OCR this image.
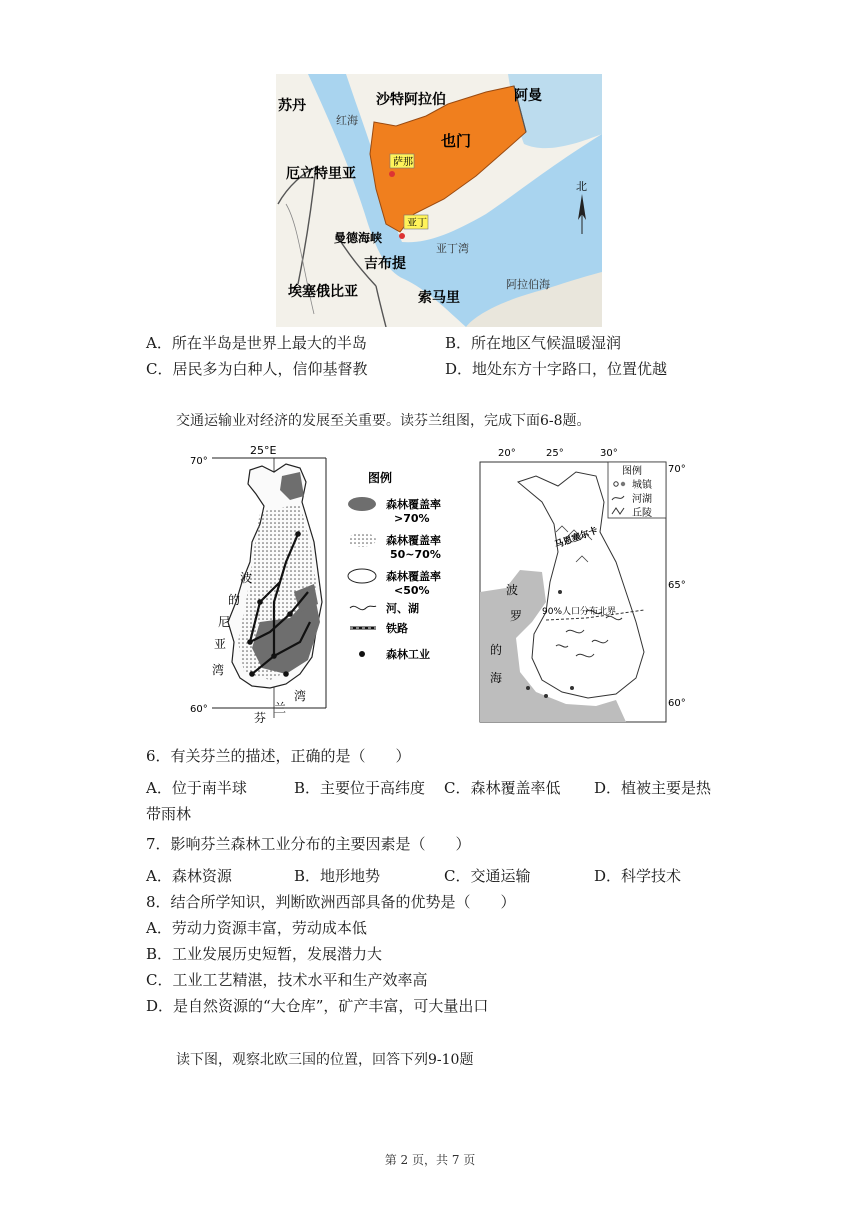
苏丹	沙特阿拉伯	阿曼
红海
也门
萨那
厄立特里亚
北
亚丁
曼德海峡
亚丁湾
吉布提
埃塞俄比亚	索马里
阿拉伯海
A．所在半岛是世界上最大的半岛	B．所在地区气候温暖湿润
C．居民多为白种人，信仰基督教	D．地处东方十字路口，位置优越
交通运输业对经济的发展至关重要。读芬兰组图，完成下面6-8题。
25°E
70°
60°
波
的
尼
亚
湾
芬
兰
湾
图例
森林覆盖率
>70%
森林覆盖率
50~70%
森林覆盖率
<50%
河、湖
铁路
森林工业
图例
城镇
河湖
丘陵
20°	25°	30°
70°
65°
60°
马恩塞尔卡
90%人口分布北界
波
罗
的
海
6．有关芬兰的描述，正确的是（　　）
A．位于南半球	B．主要位于高纬度 C．森林覆盖率低 D．植被主要是热
带雨林
7．影响芬兰森林工业分布的主要因素是（　　）
A．森林资源	B．地形地势	C．交通运输	D．科学技术
8．结合所学知识，判断欧洲西部具备的优势是（　　）
A．劳动力资源丰富，劳动成本低
B．工业发展历史短暂，发展潜力大
C．工业工艺精湛，技术水平和生产效率高
D．是自然资源的“大仓库”，矿产丰富，可大量出口
读下图，观察北欧三国的位置，回答下列9-10题
第 2 页，共 7 页
